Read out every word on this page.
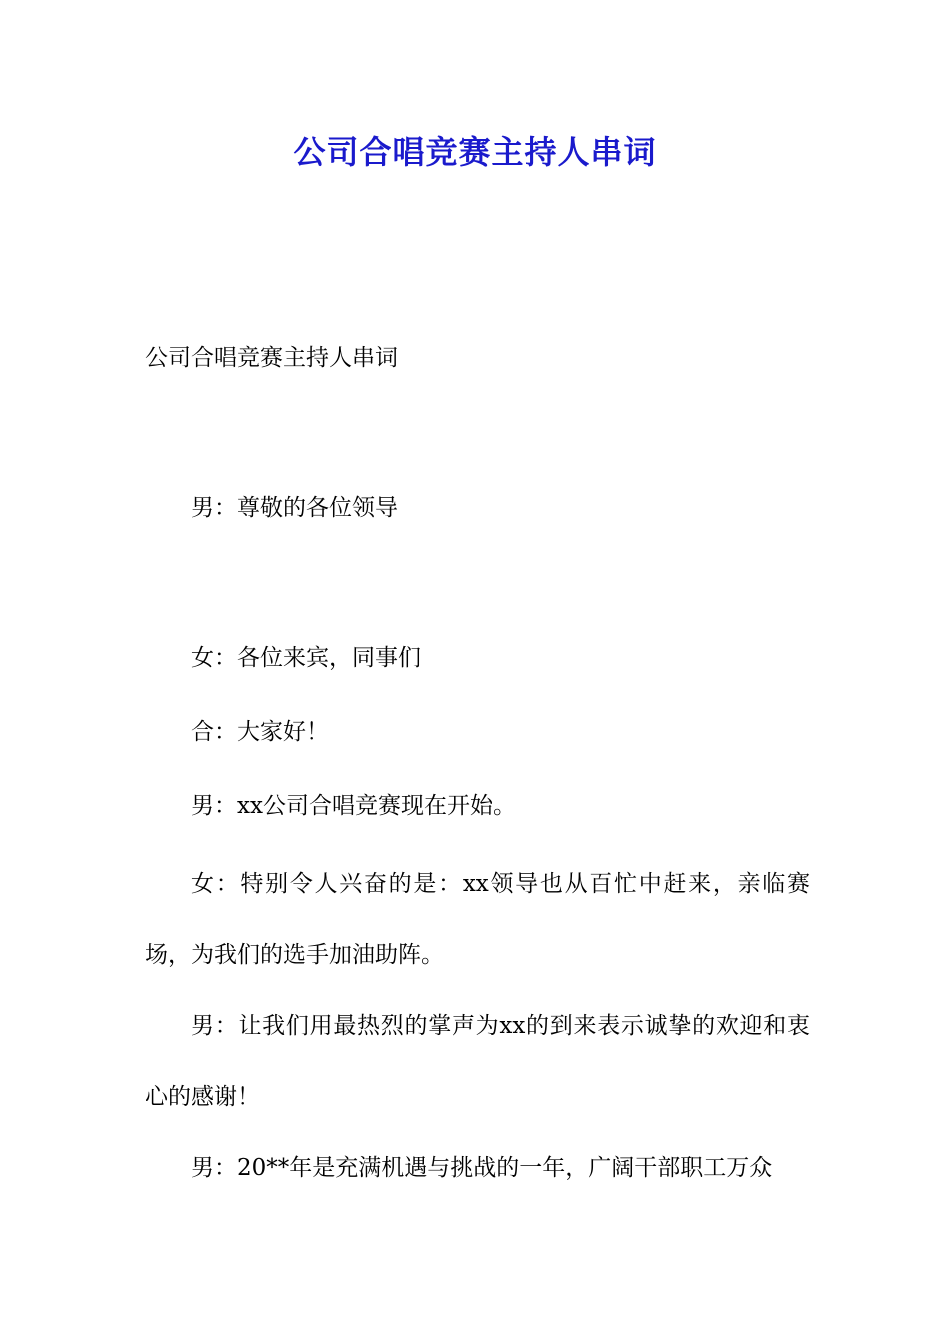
公司合唱竞赛主持人串词
公司合唱竞赛主持人串词
男：尊敬的各位领导
女：各位来宾，同事们
合：大家好！
男：xx公司合唱竞赛现在开始。
女：特别令人兴奋的是：xx领导也从百忙中赶来，亲临赛场，为我们的选手加油助阵。
男：让我们用最热烈的掌声为xx的到来表示诚挚的欢迎和衷心的感谢！
男：20**年是充满机遇与挑战的一年，广阔干部职工万众
